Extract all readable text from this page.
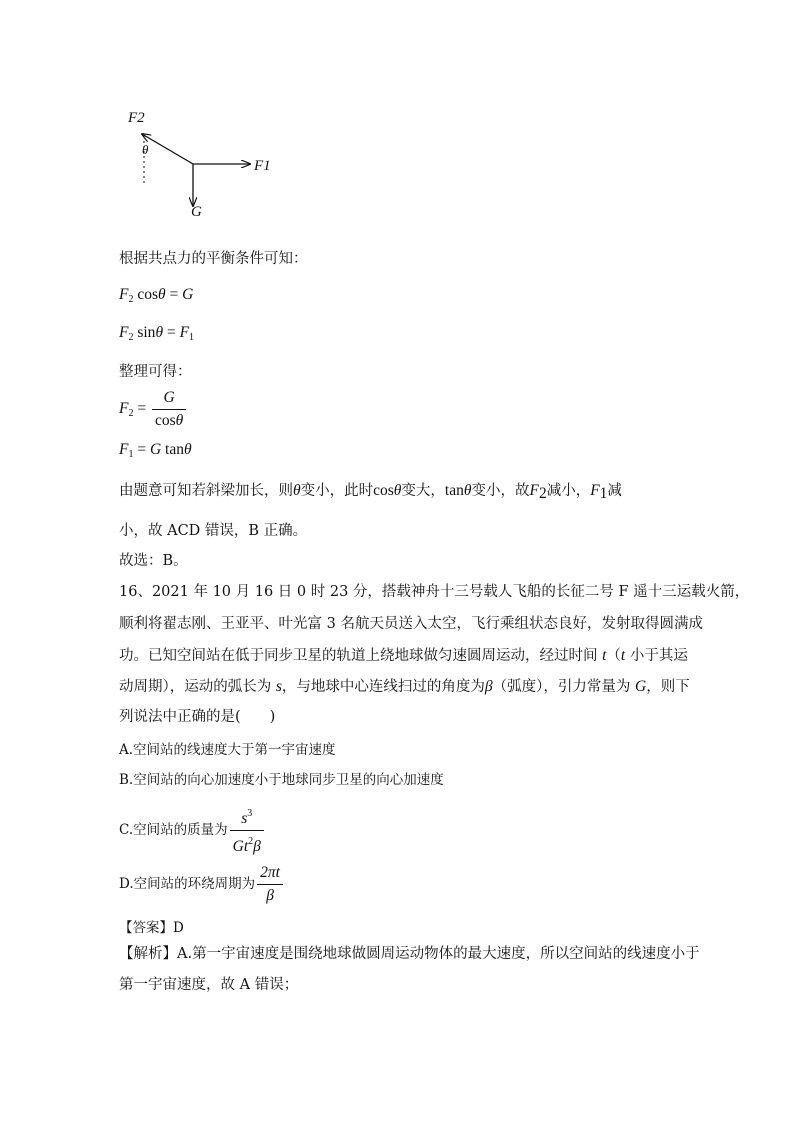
F2
θ
F1
G
根据共点力的平衡条件可知：
$F_2$ cosθ = G
$F_2$ $\sin\theta = F_1$
整理可得：
$F_2 = \frac{G}{\cos\theta}$
$F_1 = G$ tanθ
由题意可知若斜梁加长，则θ变小，此时cosθ变大，tanθ变小，故$F_2$减小，$F_1$减
小，故 ACD 错误，B 正确。
故选：B。
16、2021 年 10 月 16 日 0 时 23 分，搭载神舟十三号载人飞船的长征二号 F 遥十三运载火箭，
顺利将翟志刚、王亚平、叶光富 3 名航天员送入太空，飞行乘组状态良好，发射取得圆满成
功。已知空间站在低于同步卫星的轨道上绕地球做匀速圆周运动，经过时间 t（t 小于其运
动周期），运动的弧长为 s，与地球中心连线扫过的角度为β（弧度），引力常量为 G，则下
列说法中正确的是(　　)
A.空间站的线速度大于第一宇宙速度
B.空间站的向心加速度小于地球同步卫星的向心加速度
C.空间站的质量为 $\frac{s^3}{Gt^2\beta}$
D.空间站的环绕周期为 $\frac{2\pi t}{\beta}$
【答案】D
【解析】A.第一宇宙速度是围绕地球做圆周运动物体的最大速度，所以空间站的线速度小于
第一宇宙速度，故 A 错误；
